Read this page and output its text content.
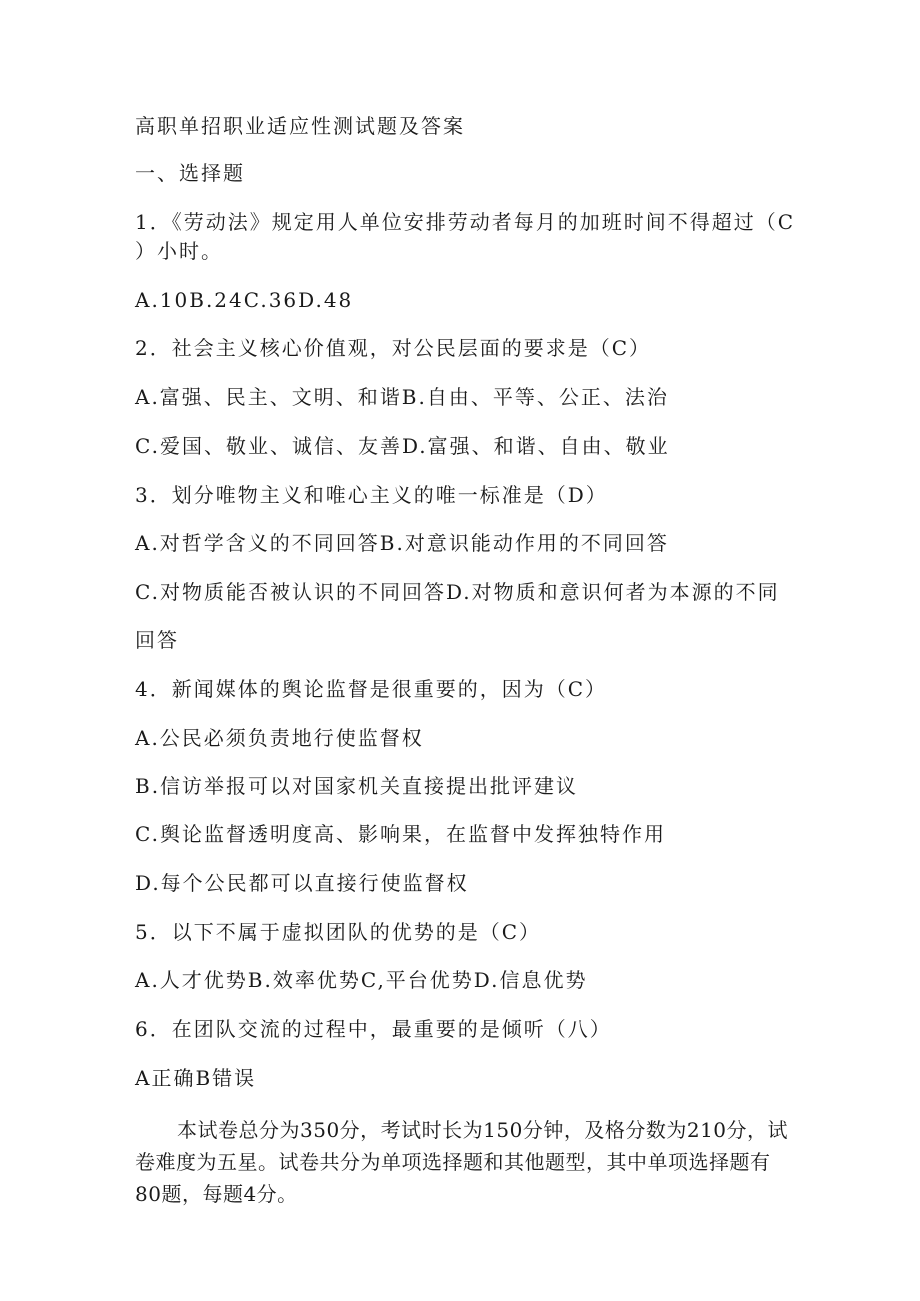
高职单招职业适应性测试题及答案
一、选择题
1．《劳动法》规定用人单位安排劳动者每月的加班时间不得超过（C
）小时。
A.10B.24C.36D.48
2．社会主义核心价值观，对公民层面的要求是（C）
A.富强、民主、文明、和谐B.自由、平等、公正、法治
C.爱国、敬业、诚信、友善D.富强、和谐、自由、敬业
3．划分唯物主义和唯心主义的唯一标准是（D）
A.对哲学含义的不同回答B.对意识能动作用的不同回答
C.对物质能否被认识的不同回答D.对物质和意识何者为本源的不同
回答
4．新闻媒体的舆论监督是很重要的，因为（C）
A.公民必须负责地行使监督权
B.信访举报可以对国家机关直接提出批评建议
C.舆论监督透明度高、影响果，在监督中发挥独特作用
D.每个公民都可以直接行使监督权
5．以下不属于虚拟团队的优势的是（C）
A.人才优势B.效率优势C,平台优势D.信息优势
6．在团队交流的过程中，最重要的是倾听（八）
A正确B错误
本试卷总分为350分，考试时长为150分钟，及格分数为210分，试卷难度为五星。试卷共分为单项选择题和其他题型，其中单项选择题有80题，每题4分。
